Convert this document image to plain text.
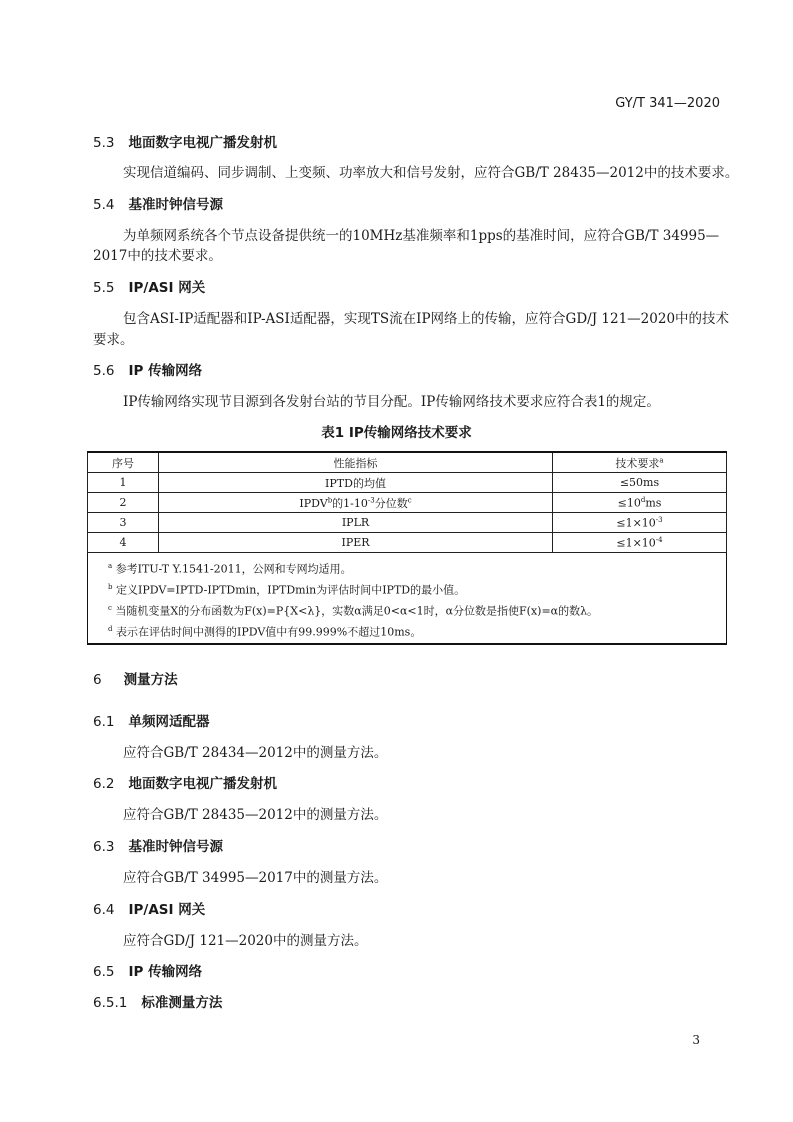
GY/T 341—2020
5.3 地面数字电视广播发射机
实现信道编码、同步调制、上变频、功率放大和信号发射，应符合GB/T 28435—2012中的技术要求。
5.4 基准时钟信号源
为单频网系统各个节点设备提供统一的10MHz基准频率和1pps的基准时间，应符合GB/T 34995—
2017中的技术要求。
5.5 IP/ASI 网关
包含ASI-IP适配器和IP-ASI适配器，实现TS流在IP网络上的传输，应符合GD/J 121—2020中的技术
要求。
5.6 IP 传输网络
IP传输网络实现节目源到各发射台站的节目分配。IP传输网络技术要求应符合表1的规定。
表1 IP传输网络技术要求
序号	性能指标	技术要求$^a$
1	IPTD的均值	≤50ms
2	IPDV$^b$的$1-10^{-3}$分位数$^c$	$\le 10^dms$
3	IPLR	$\le 1\times 10^{-3}$
4	IPER	$\le 1\times 10^{-4}$

$^a$ 参考ITU-T Y.1541-2011，公网和专网均适用。
$^b$ 定义IPDV=IPTD-IPTDmin，IPTDmin为评估时间中IPTD的最小值。
$^c$ 当随机变量X的分布函数为F(x)=P{X<λ}，实数α满足0<α<1时，α分位数是指使F(x)=α的数λ。
$^d$ 表示在评估时间中测得的IPDV值中有99.999%不超过10ms。		
6 测量方法
6.1 单频网适配器
应符合GB/T 28434—2012中的测量方法。
6.2 地面数字电视广播发射机
应符合GB/T 28435—2012中的测量方法。
6.3 基准时钟信号源
应符合GB/T 34995—2017中的测量方法。
6.4 IP/ASI 网关
应符合GD/J 121—2020中的测量方法。
6.5 IP 传输网络
6.5.1 标准测量方法
3
